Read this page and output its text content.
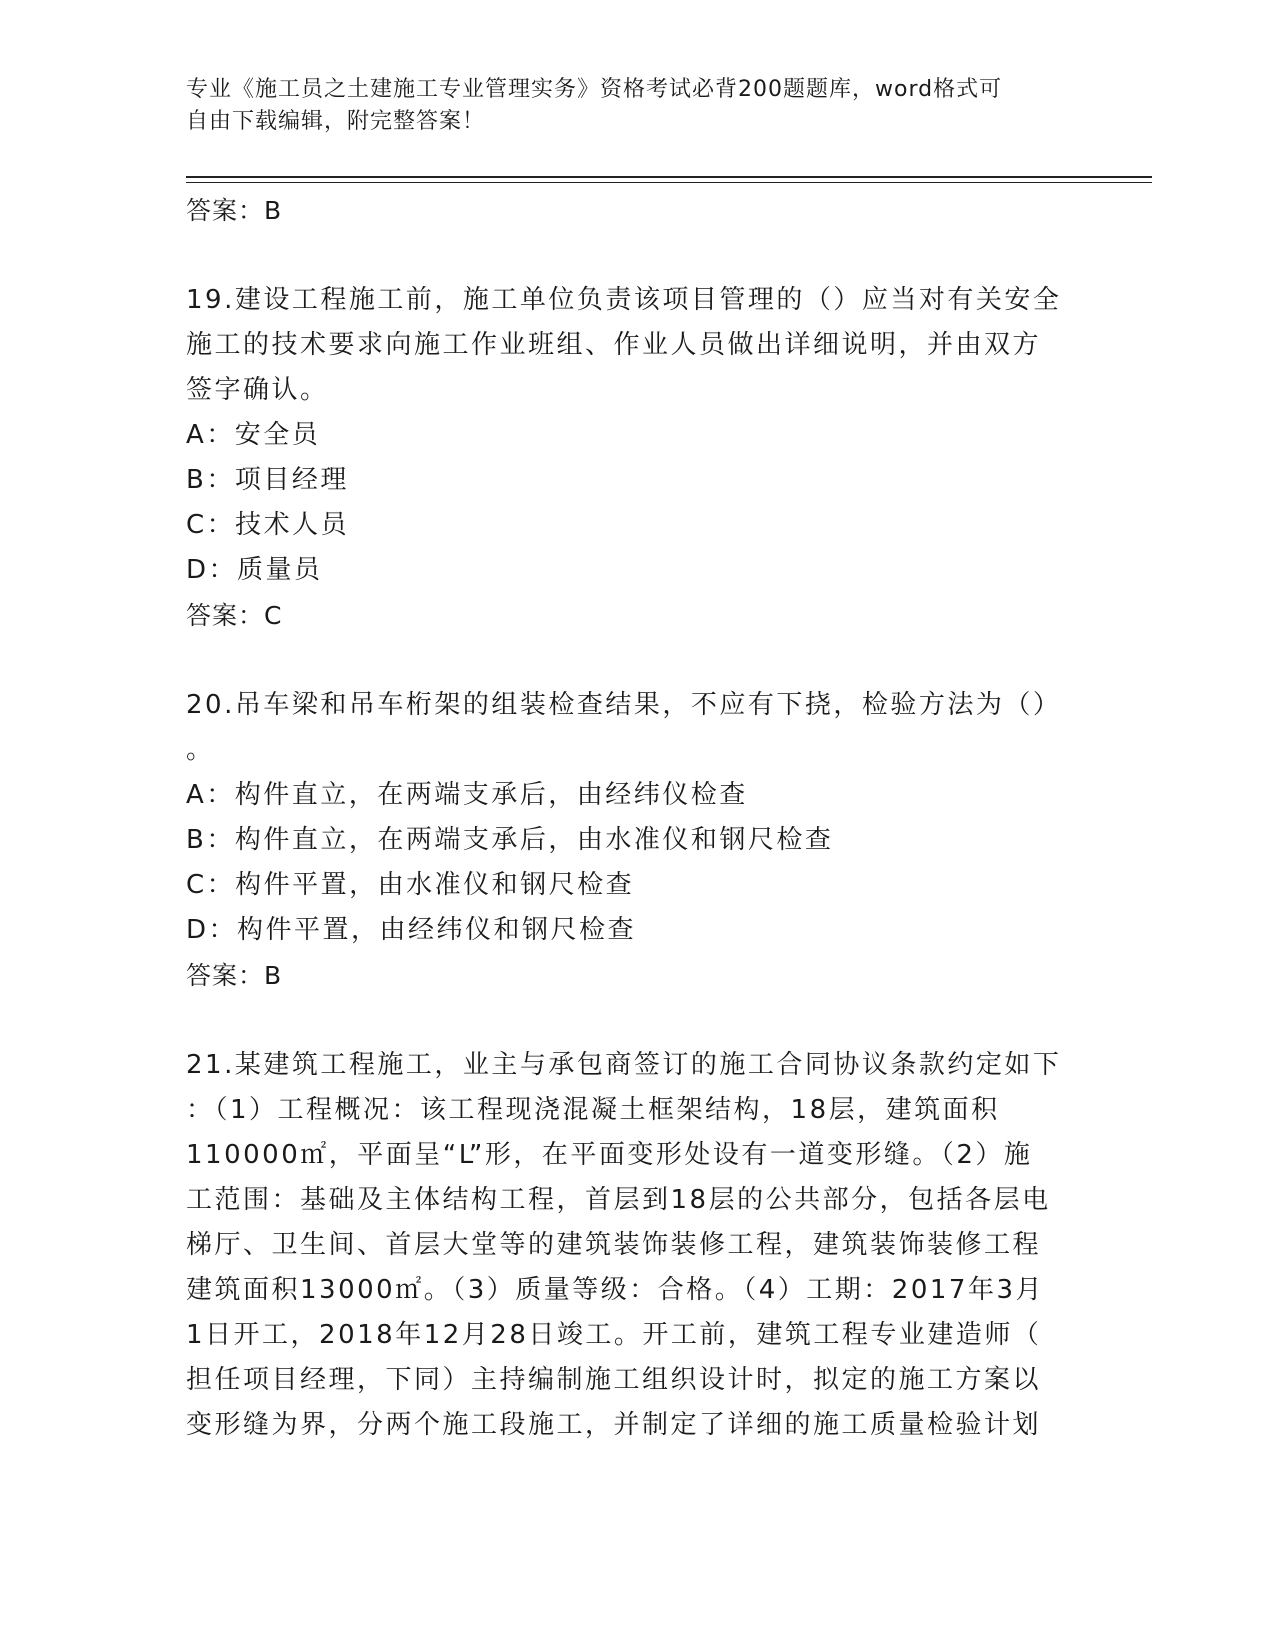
专业《施工员之土建施工专业管理实务》资格考试必背200题题库，word格式可
自由下载编辑，附完整答案！
答案：B
19.建设工程施工前，施工单位负责该项目管理的（）应当对有关安全
施工的技术要求向施工作业班组、作业人员做出详细说明，并由双方
签字确认。
A：安全员
B：项目经理
C：技术人员
D：质量员
答案：C
20.吊车梁和吊车桁架的组装检查结果，不应有下挠，检验方法为（）
。
A：构件直立，在两端支承后，由经纬仪检查
B：构件直立，在两端支承后，由水准仪和钢尺检查
C：构件平置，由水准仪和钢尺检查
D：构件平置，由经纬仪和钢尺检查
答案：B
21.某建筑工程施工，业主与承包商签订的施工合同协议条款约定如下
：（1）工程概况：该工程现浇混凝土框架结构，18层，建筑面积
110000㎡，平面呈“L”形，在平面变形处设有一道变形缝。（2）施
工范围：基础及主体结构工程，首层到18层的公共部分，包括各层电
梯厅、卫生间、首层大堂等的建筑装饰装修工程，建筑装饰装修工程
建筑面积13000㎡。（3）质量等级：合格。（4）工期：2017年3月
1日开工，2018年12月28日竣工。开工前，建筑工程专业建造师（
担任项目经理，下同）主持编制施工组织设计时，拟定的施工方案以
变形缝为界，分两个施工段施工，并制定了详细的施工质量检验计划
